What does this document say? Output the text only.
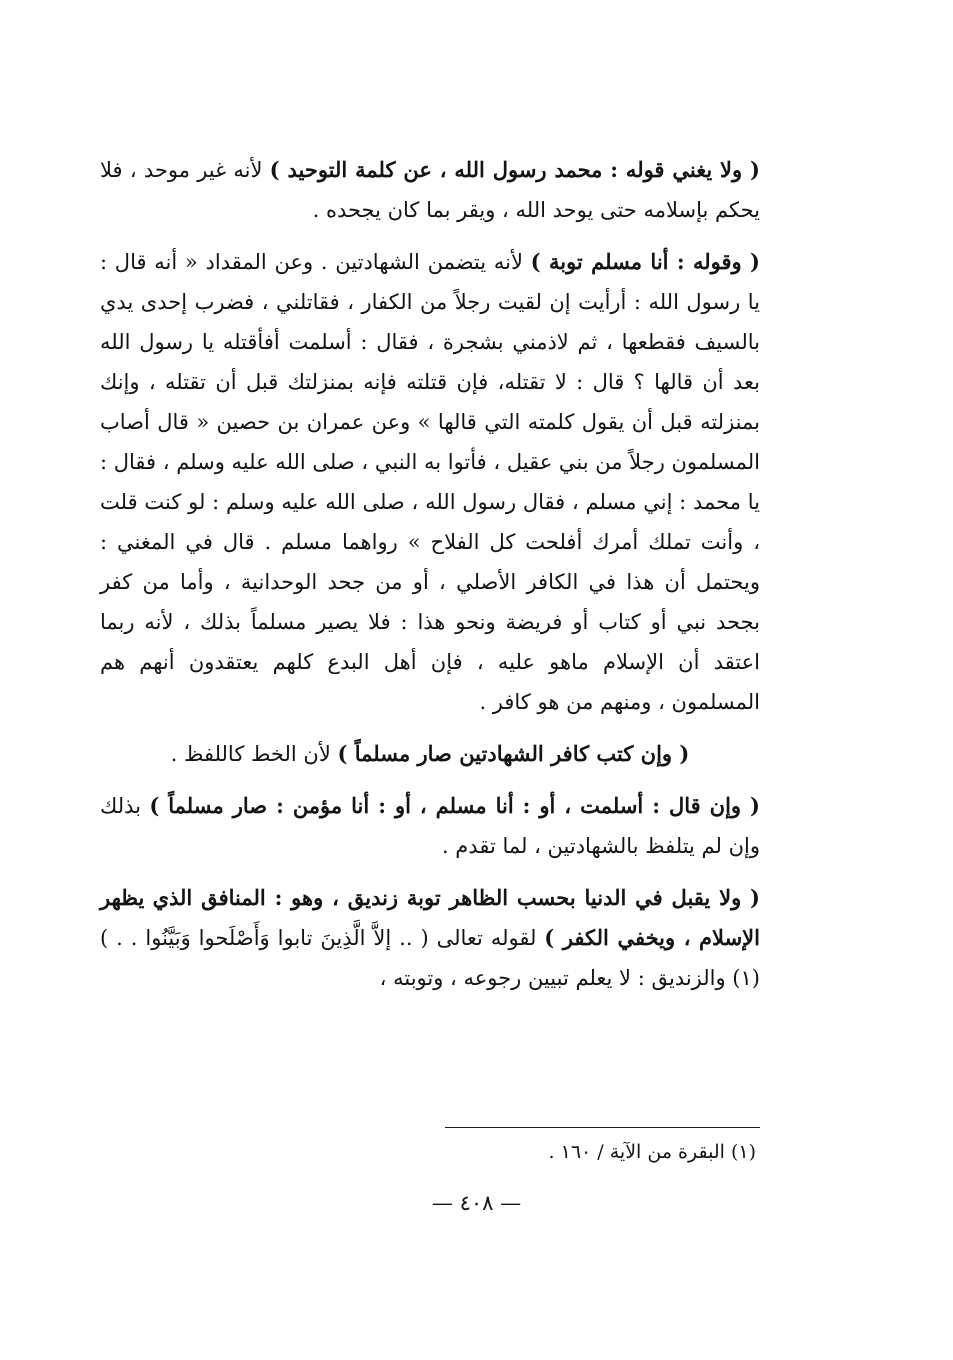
( ولا يغني قوله : محمد رسول الله ، عن كلمة التوحيد ) لأنه غير موحد ، فلا يحكم بإسلامه حتى يوحد الله ، ويقر بما كان يجحده .

( وقوله : أنا مسلم توبة ) لأنه يتضمن الشهادتين . وعن المقداد « أنه قال : يا رسول الله : أرأيت إن لقيت رجلاً من الكفار ، فقاتلني ، فضرب إحدى يدي بالسيف فقطعها ، ثم لاذمني بشجرة ، فقال : أسلمت أفأقتله يا رسول الله بعد أن قالها ؟ قال : لا تقتله، فإن قتلته فإنه بمنزلتك قبل أن تقتله ، وإنك بمنزلته قبل أن يقول كلمته التي قالها » وعن عمران بن حصين « قال أصاب المسلمون رجلاً من بني عقيل ، فأتوا به النبي ، صلى الله عليه وسلم ، فقال : يا محمد : إني مسلم ، فقال رسول الله ، صلى الله عليه وسلم : لو كنت قلت ، وأنت تملك أمرك أفلحت كل الفلاح » رواهما مسلم . قال في المغني : ويحتمل أن هذا في الكافر الأصلي ، أو من جحد الوحدانية ، وأما من كفر بجحد نبي أو كتاب أو فريضة ونحو هذا : فلا يصير مسلماً بذلك ، لأنه ربما اعتقد أن الإسلام ماهو عليه ، فإن أهل البدع كلهم يعتقدون أنهم هم المسلمون ، ومنهم من هو كافر .

( وإن كتب كافر الشهادتين صار مسلماً ) لأن الخط كاللفظ .

( وإن قال : أسلمت ، أو : أنا مسلم ، أو : أنا مؤمن : صار مسلماً ) بذلك وإن لم يتلفظ بالشهادتين ، لما تقدم .

( ولا يقبل في الدنيا بحسب الظاهر توبة زنديق ، وهو : المنافق الذي يظهر الإسلام ، ويخفي الكفر ) لقوله تعالى ( .. إلاَّ الَّذِينَ تابوا وَأَصْلَحوا وَبَيَّنُوا . . ) (١) والزنديق : لا يعلم تبيين رجوعه ، وتوبته ،

(١) البقرة من الآية / ١٦٠ .
— ٤٠٨ —
